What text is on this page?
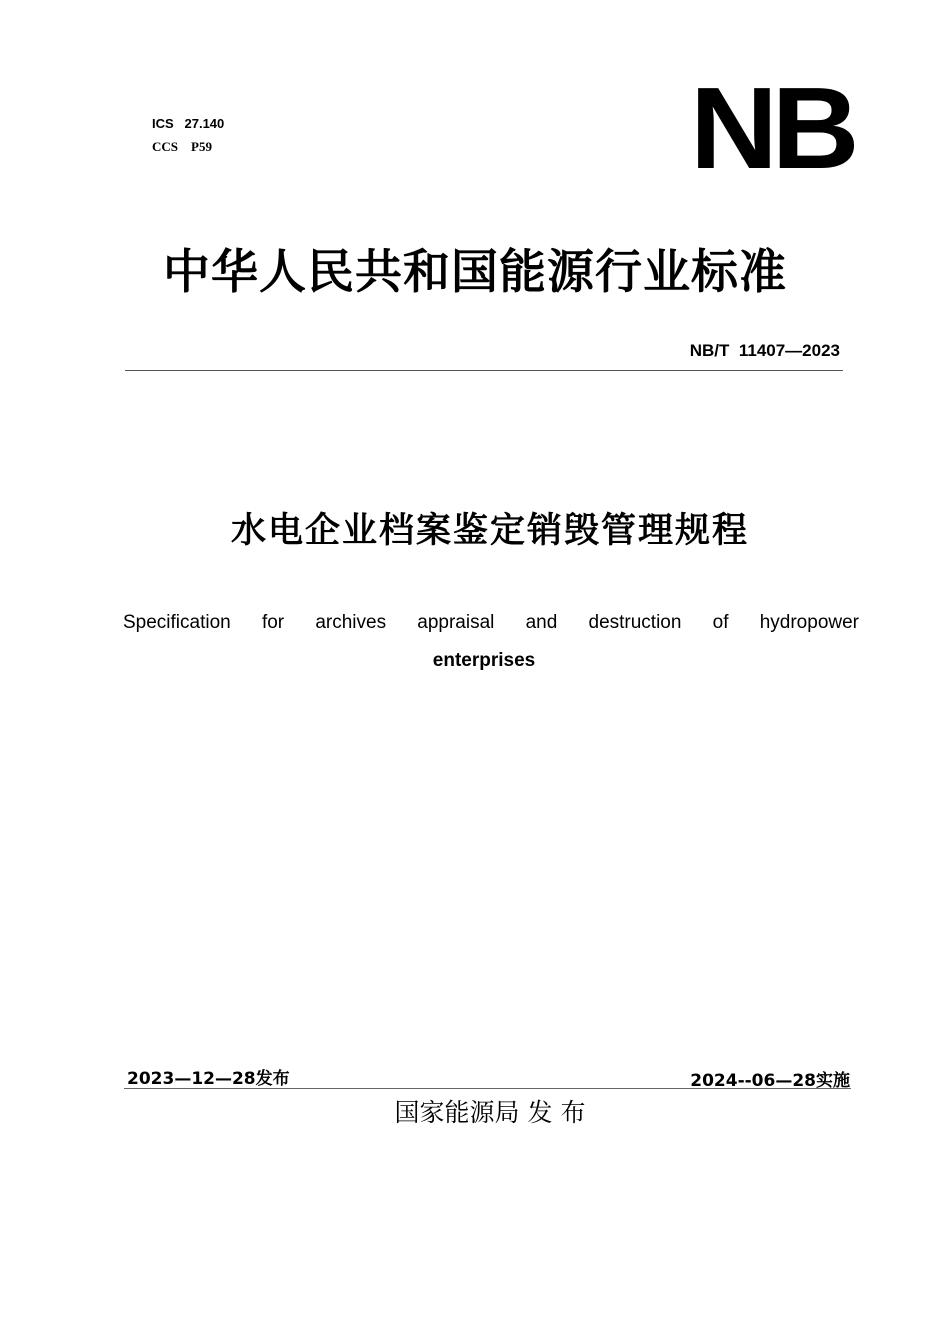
ICS   27.140
CCS    P59	NB
中华人民共和国能源行业标准
NB/T  11407—2023
水电企业档案鉴定销毁管理规程
Specification for archives appraisal and destruction of hydropower
enterprises
2023—12—28发布	2024--06—28实施
国家能源局 发 布
